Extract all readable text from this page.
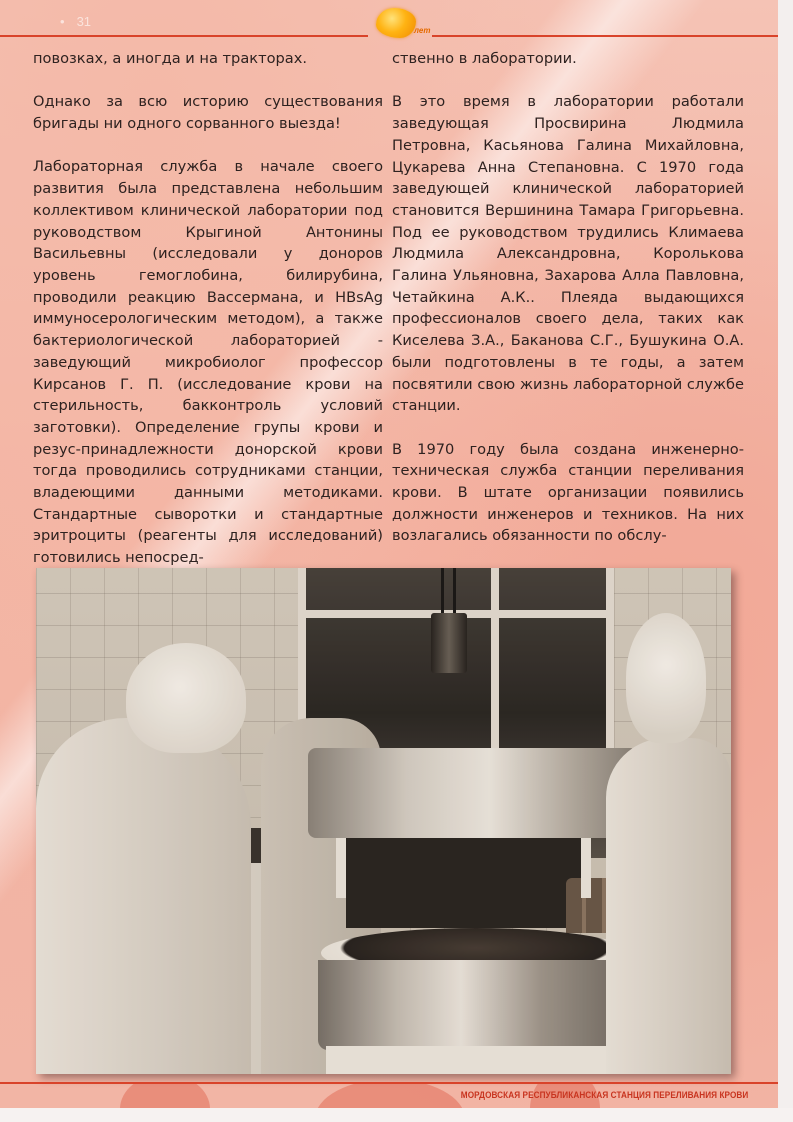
• 31
лет

повозках, а иногда и на тракторах.

Однако за всю историю существования бригады ни одного сорванного выезда!

Лабораторная служба в начале своего развития была представлена небольшим коллективом клинической лаборатории под руководством Крыгиной Антонины Васильевны (исследовали у доноров уровень гемоглобина, билирубина, проводили реакцию Вассермана, и HBsAg иммуносерологическим методом), а также бактериологической лабораторией - заведующий микробиолог профессор Кирсанов Г. П. (исследование крови на стерильность, бакконтроль условий заготовки). Определение групы крови и резус-принадлежности донорской крови тогда проводились сотрудниками станции, владеющими данными методиками. Стандартные сыворотки и стандартные эритроциты (реагенты для исследований) готовились непосред-

ственно в лаборатории.

В это время в лаборатории работали заведующая Просвирина Людмила Петровна, Касьянова Галина Михайловна, Цукарева Анна Степановна. С 1970 года заведующей клинической лабораторией становится Вершинина Тамара Григорьевна. Под ее руководством трудились Климаева Людмила Александровна, Королькова Галина Ульяновна, Захарова Алла Павловна, Четайкина А.К.. Плеяда выдающихся профессионалов своего дела, таких как Киселева З.А., Баканова С.Г., Бушукина О.А. были подготовлены в те годы, а затем посвятили свою жизнь лабораторной службе станции.

В 1970 году была создана инженерно-техническая служба станции переливания крови. В штате организации появились должности инженеров и техников. На них возлагались обязанности по обслу-

МОРДОВСКАЯ РЕСПУБЛИКАНСКАЯ СТАНЦИЯ ПЕРЕЛИВАНИЯ КРОВИ
